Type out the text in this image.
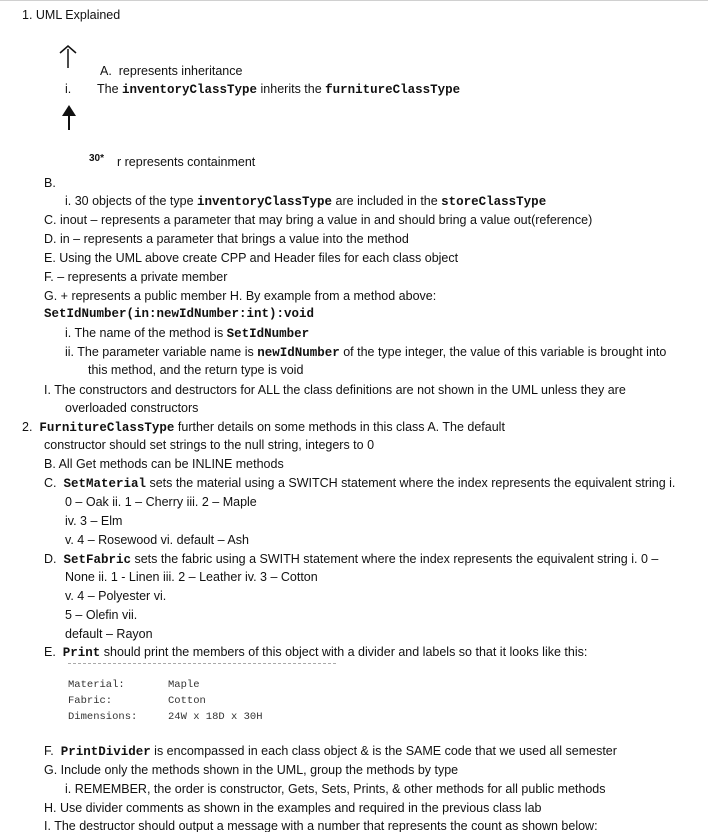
1. UML Explained
A. represents inheritance
i. The inventoryClassType inherits the furnitureClassType
30* r represents containment
B.
i. 30 objects of the type inventoryClassType are included in the storeClassType
C. inout – represents a parameter that may bring a value in and should bring a value out(reference)
D. in – represents a parameter that brings a value into the method
E. Using the UML above create CPP and Header files for each class object
F. – represents a private member
G. + represents a public member H. By example from a method above:
SetIdNumber(in:newIdNumber:int):void
i. The name of the method is SetIdNumber
ii. The parameter variable name is newIdNumber of the type integer, the value of this variable is brought into
this method, and the return type is void
I. The constructors and destructors for ALL the class definitions are not shown in the UML unless they are
overloaded constructors
2. FurnitureClassType further details on some methods in this class A. The default
constructor should set strings to the null string, integers to 0
B. All Get methods can be INLINE methods
C. SetMaterial sets the material using a SWITCH statement where the index represents the equivalent string i.
0 – Oak ii. 1 – Cherry iii. 2 – Maple
iv. 3 – Elm
v. 4 – Rosewood vi. default – Ash
D. SetFabric sets the fabric using a SWITH statement where the index represents the equivalent string i. 0 –
None ii. 1 - Linen iii. 2 – Leather iv. 3 – Cotton
v. 4 – Polyester vi.
5 – Olefin vii.
default – Rayon
E. Print should print the members of this object with a divider and labels so that it looks like this:
Material:	Maple
Fabric:	Cotton
Dimensions:	24W x 18D x 30H
F. PrintDivider is encompassed in each class object & is the SAME code that we used all semester
G. Include only the methods shown in the UML, group the methods by type
i. REMEMBER, the order is constructor, Gets, Sets, Prints, & other methods for all public methods
H. Use divider comments as shown in the examples and required in the previous class lab
I. The destructor should output a message with a number that represents the count as shown below:
